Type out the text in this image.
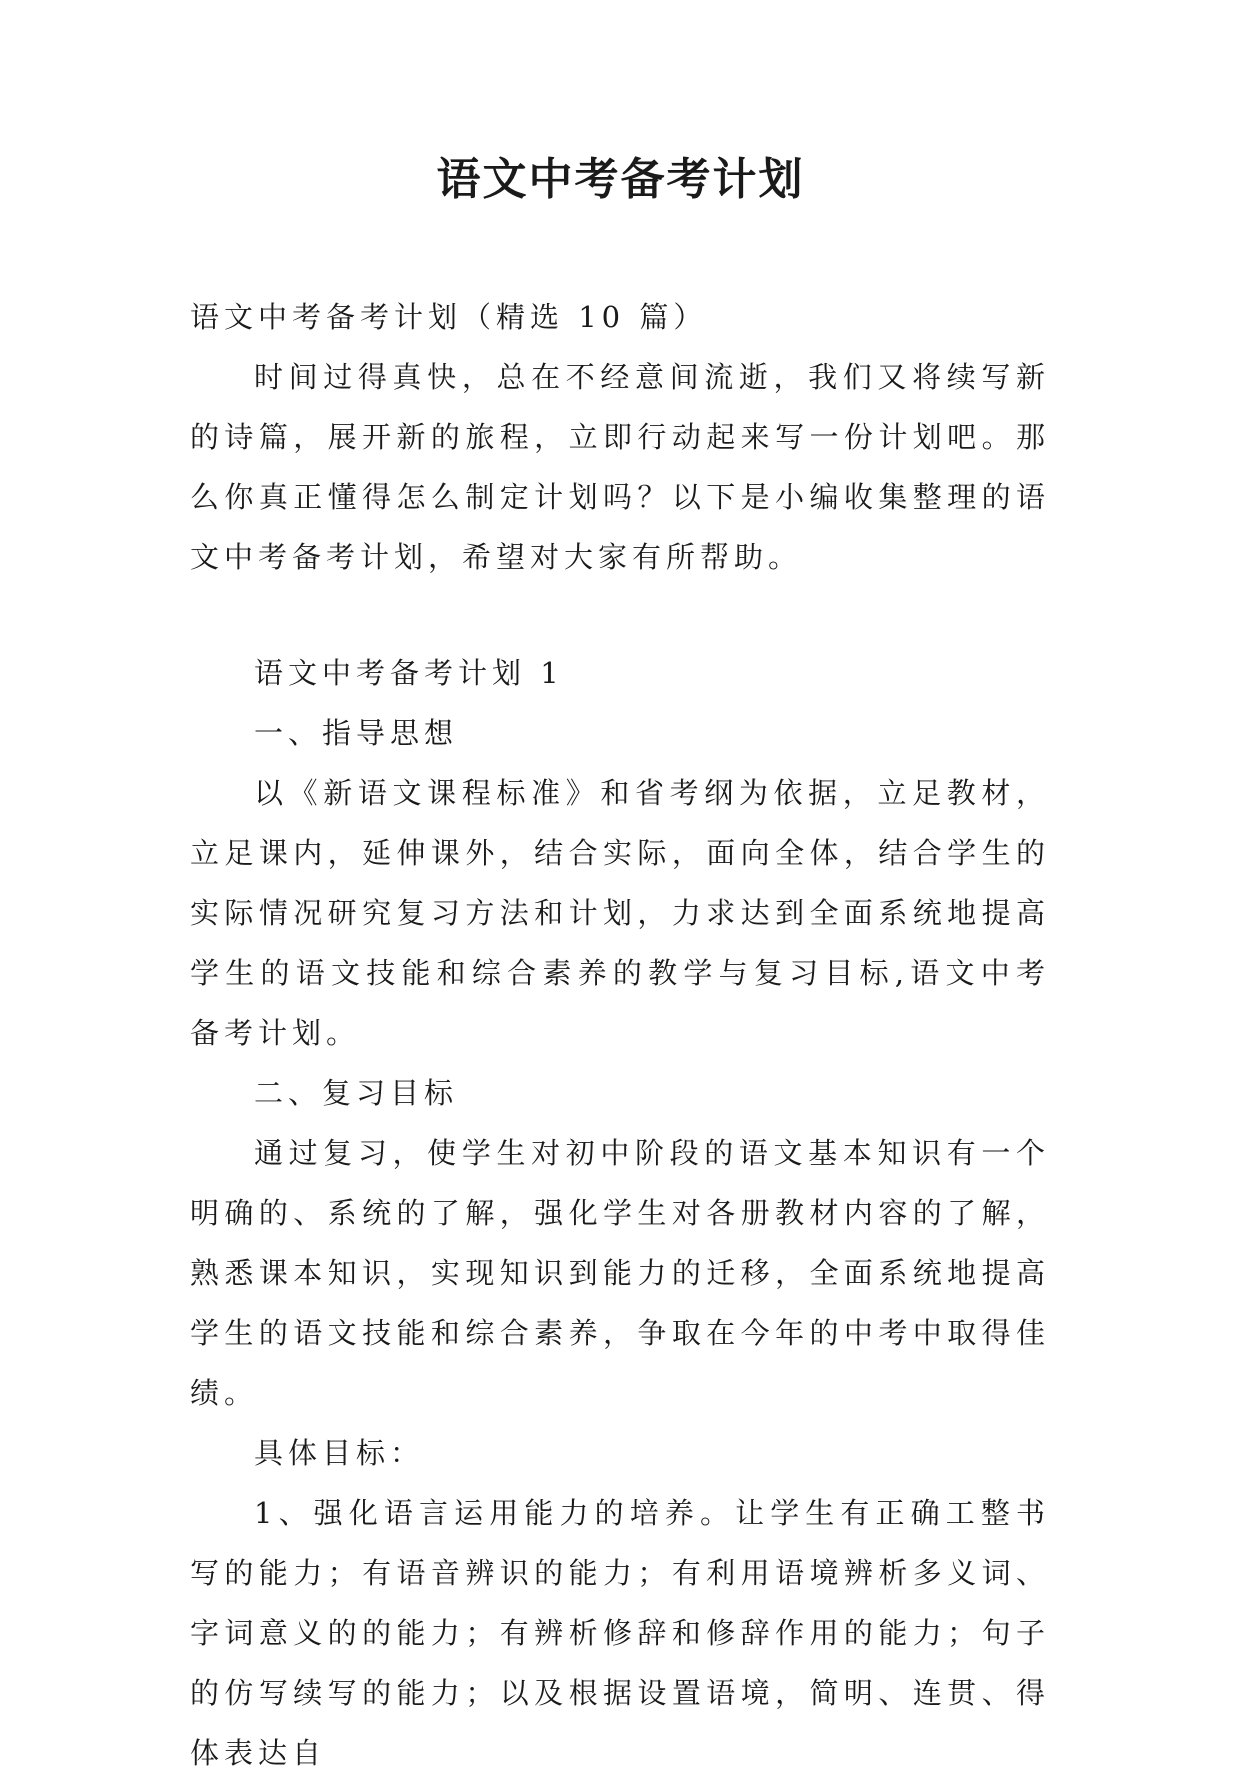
语文中考备考计划

语文中考备考计划（精选 10 篇）

时间过得真快，总在不经意间流逝，我们又将续写新的诗篇，展开新的旅程，立即行动起来写一份计划吧。那么你真正懂得怎么制定计划吗？以下是小编收集整理的语文中考备考计划，希望对大家有所帮助。

语文中考备考计划 1

一、指导思想

以《新语文课程标准》和省考纲为依据，立足教材，立足课内，延伸课外，结合实际，面向全体，结合学生的实际情况研究复习方法和计划，力求达到全面系统地提高学生的语文技能和综合素养的教学与复习目标,语文中考备考计划。

二、复习目标

通过复习，使学生对初中阶段的语文基本知识有一个明确的、系统的了解，强化学生对各册教材内容的了解，熟悉课本知识，实现知识到能力的迁移，全面系统地提高学生的语文技能和综合素养，争取在今年的中考中取得佳绩。

具体目标：

1、强化语言运用能力的培养。让学生有正确工整书写的能力；有语音辨识的能力；有利用语境辨析多义词、字词意义的的能力；有辨析修辞和修辞作用的能力；句子的仿写续写的能力；以及根据设置语境，简明、连贯、得体表达自
